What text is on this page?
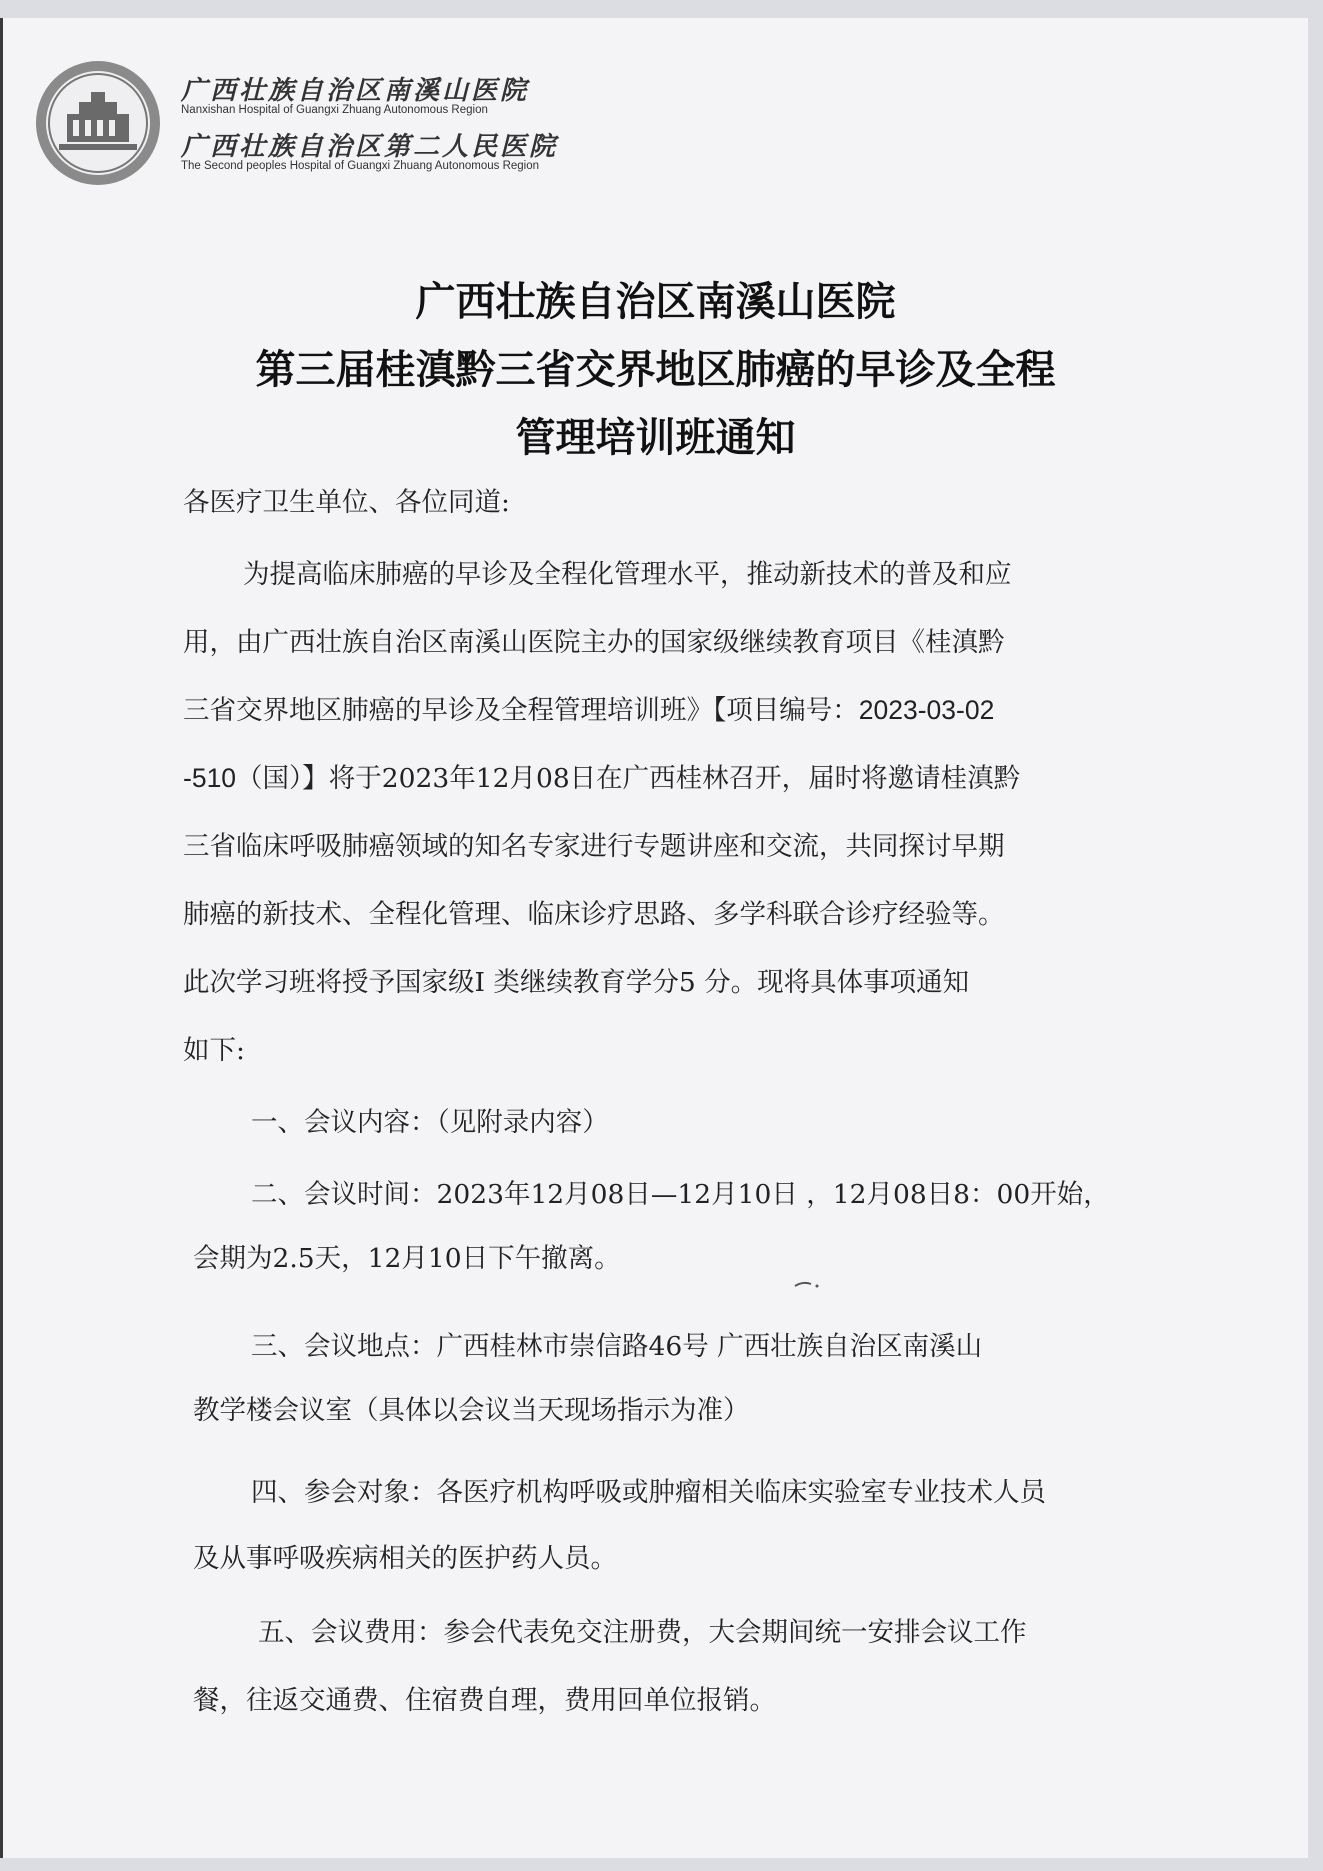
广西壮族自治区南溪山医院
Nanxishan Hospital of Guangxi Zhuang Autonomous Region
广西壮族自治区第二人民医院
The Second peoples Hospital of Guangxi Zhuang Autonomous Region
广西壮族自治区南溪山医院
第三届桂滇黔三省交界地区肺癌的早诊及全程
管理培训班通知
各医疗卫生单位、各位同道:
为提高临床肺癌的早诊及全程化管理水平，推动新技术的普及和应
用，由广西壮族自治区南溪山医院主办的国家级继续教育项目《桂滇黔
三省交界地区肺癌的早诊及全程管理培训班》【项目编号：2023-03-02
-510（国）】将于2023年12月08日在广西桂林召开，届时将邀请桂滇黔
三省临床呼吸肺癌领域的知名专家进行专题讲座和交流，共同探讨早期
肺癌的新技术、全程化管理、临床诊疗思路、多学科联合诊疗经验等。
此次学习班将授予国家级Ⅰ 类继续教育学分5 分。现将具体事项通知
如下:
一、会议内容：（见附录内容）
二、会议时间：2023年12月08日—12月10日 ，12月08日8：00开始，
会期为2.5天，12月10日下午撤离。
三、会议地点：广西桂林市崇信路46号 广西壮族自治区南溪山
教学楼会议室（具体以会议当天现场指示为准）
四、参会对象：各医疗机构呼吸或肿瘤相关临床实验室专业技术人员
及从事呼吸疾病相关的医护药人员。
五、会议费用：参会代表免交注册费，大会期间统一安排会议工作
餐，往返交通费、住宿费自理，费用回单位报销。
